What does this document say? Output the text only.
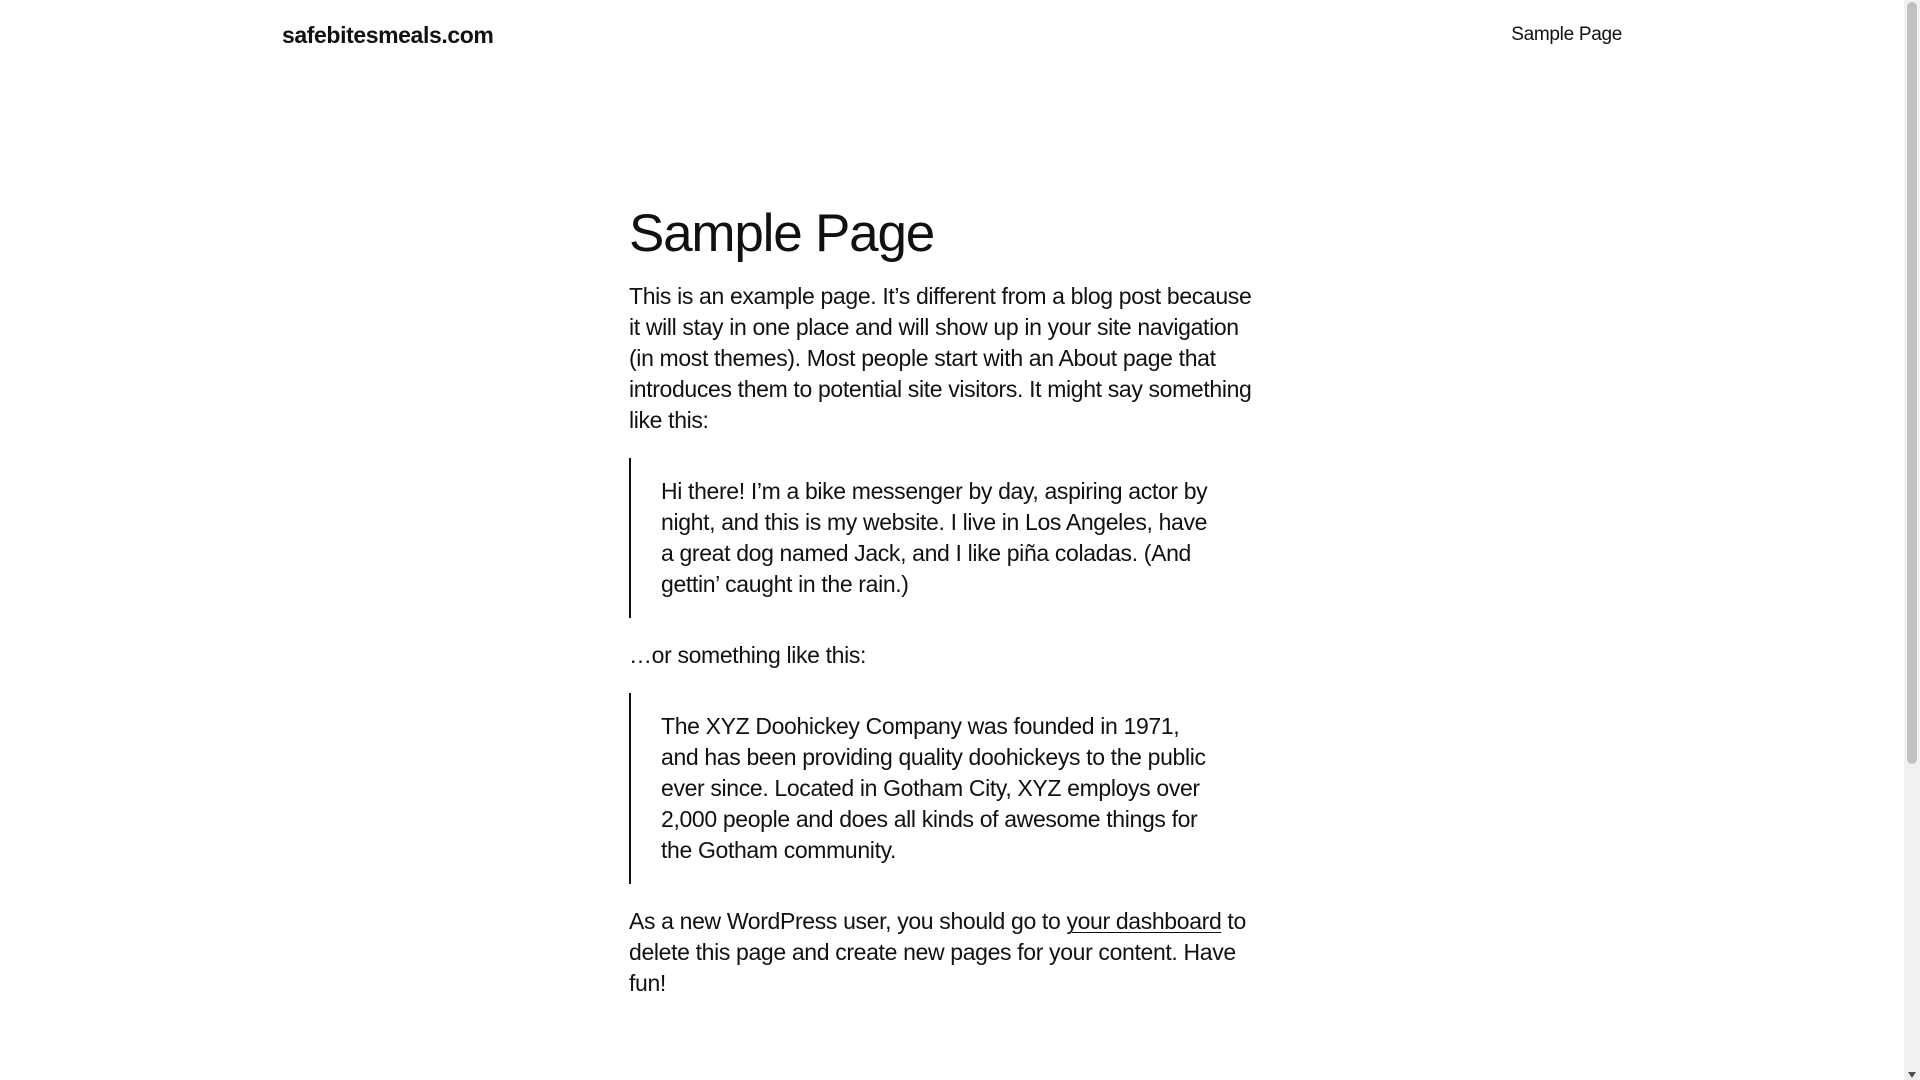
safebitesmeals.com	Sample Page
Sample Page

This is an example page. It’s different from a blog post because it will stay in one place and will show up in your site navigation (in most themes). Most people start with an About page that introduces them to potential site visitors. It might say something like this:

Hi there! I’m a bike messenger by day, aspiring actor by night, and this is my website. I live in Los Angeles, have a great dog named Jack, and I like piña coladas. (And gettin’ caught in the rain.)

…or something like this:

The XYZ Doohickey Company was founded in 1971, and has been providing quality doohickeys to the public ever since. Located in Gotham City, XYZ employs over 2,000 people and does all kinds of awesome things for the Gotham community.

As a new WordPress user, you should go to your dashboard to delete this page and create new pages for your content. Have fun!
